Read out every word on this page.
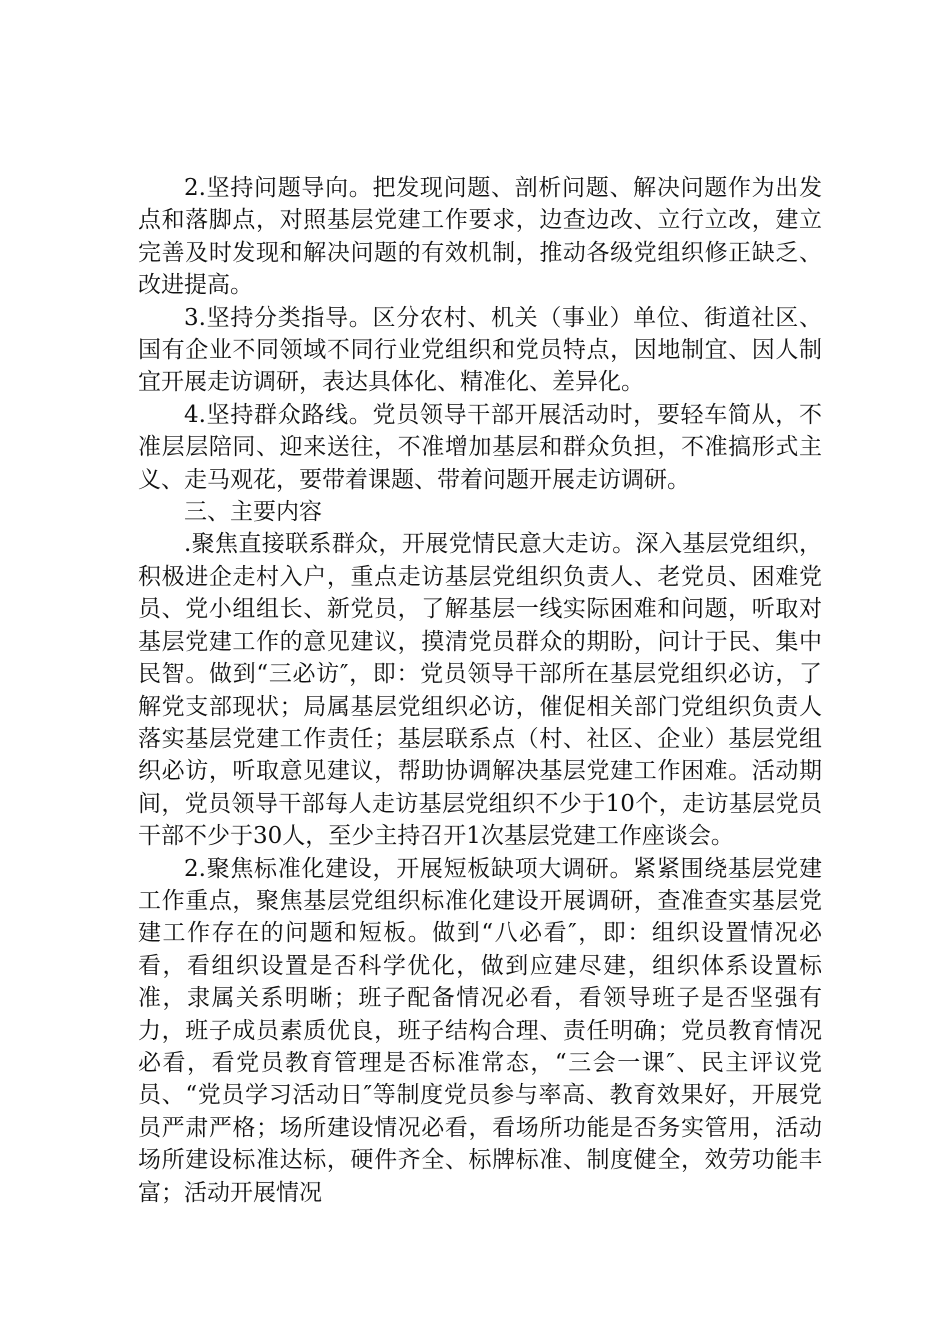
2.坚持问题导向。把发现问题、剖析问题、解决问题作为出发点和落脚点，对照基层党建工作要求，边查边改、立行立改，建立完善及时发现和解决问题的有效机制，推动各级党组织修正缺乏、改进提高。

3.坚持分类指导。区分农村、机关（事业）单位、街道社区、国有企业不同领域不同行业党组织和党员特点，因地制宜、因人制宜开展走访调研，表达具体化、精准化、差异化。

4.坚持群众路线。党员领导干部开展活动时，要轻车简从，不准层层陪同、迎来送往，不准增加基层和群众负担，不准搞形式主义、走马观花，要带着课题、带着问题开展走访调研。

三、主要内容

.聚焦直接联系群众，开展党情民意大走访。深入基层党组织，积极进企走村入户，重点走访基层党组织负责人、老党员、困难党员、党小组组长、新党员，了解基层一线实际困难和问题，听取对基层党建工作的意见建议，摸清党员群众的期盼，问计于民、集中民智。做到“三必访″，即：党员领导干部所在基层党组织必访，了解党支部现状；局属基层党组织必访，催促相关部门党组织负责人落实基层党建工作责任；基层联系点（村、社区、企业）基层党组织必访，听取意见建议，帮助协调解决基层党建工作困难。活动期间，党员领导干部每人走访基层党组织不少于10个，走访基层党员干部不少于30人，至少主持召开1次基层党建工作座谈会。

2.聚焦标准化建设，开展短板缺项大调研。紧紧围绕基层党建工作重点，聚焦基层党组织标准化建设开展调研，查准查实基层党建工作存在的问题和短板。做到“八必看″，即：组织设置情况必看，看组织设置是否科学优化，做到应建尽建，组织体系设置标准，隶属关系明晰；班子配备情况必看，看领导班子是否坚强有力，班子成员素质优良，班子结构合理、责任明确；党员教育情况必看，看党员教育管理是否标准常态，“三会一课″、民主评议党员、“党员学习活动日″等制度党员参与率高、教育效果好，开展党员严肃严格；场所建设情况必看，看场所功能是否务实管用，活动场所建设标准达标，硬件齐全、标牌标准、制度健全，效劳功能丰富；活动开展情况
